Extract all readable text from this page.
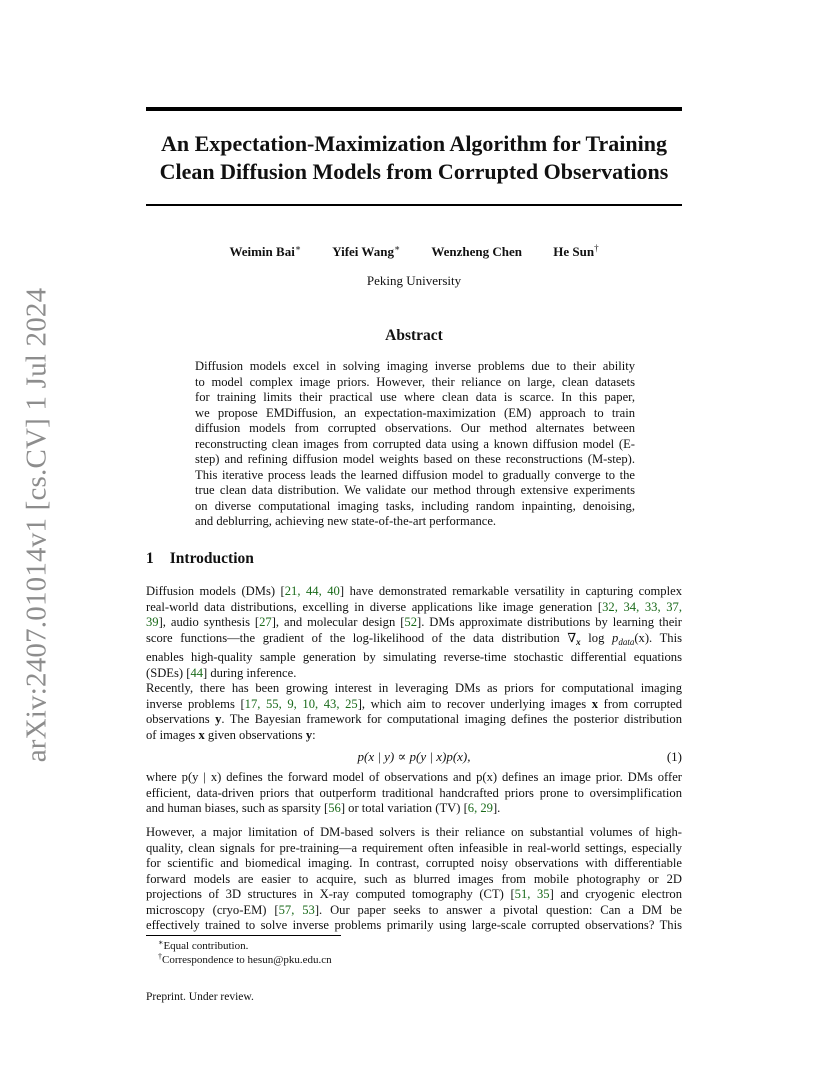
arXiv:2407.01014v1 [cs.CV] 1 Jul 2024
An Expectation-Maximization Algorithm for Training
Clean Diffusion Models from Corrupted Observations
Weimin Bai∗ Yifei Wang∗ Wenzheng Chen He Sun†
Peking University
Abstract
Diffusion models excel in solving imaging inverse problems due to their ability
to model complex image priors. However, their reliance on large, clean datasets
for training limits their practical use where clean data is scarce. In this paper,
we propose EMDiffusion, an expectation-maximization (EM) approach to train
diffusion models from corrupted observations. Our method alternates between
reconstructing clean images from corrupted data using a known diffusion model (E-
step) and refining diffusion model weights based on these reconstructions (M-step).
This iterative process leads the learned diffusion model to gradually converge to the
true clean data distribution. We validate our method through extensive experiments
on diverse computational imaging tasks, including random inpainting, denoising,
and deblurring, achieving new state-of-the-art performance.
1 Introduction
Diffusion models (DMs) [21, 44, 40] have demonstrated remarkable versatility in capturing complex
real-world data distributions, excelling in diverse applications like image generation [32, 34, 33, 37,
39], audio synthesis [27], and molecular design [52]. DMs approximate distributions by learning their
score functions—the gradient of the log-likelihood of the data distribution $\nabla_x$ $\log p_{data}(x)$. This
enables high-quality sample generation by simulating reverse-time stochastic differential equations
(SDEs) [44] during inference.
Recently, there has been growing interest in leveraging DMs as priors for computational imaging
inverse problems [17, 55, 9, 10, 43, 25], which aim to recover underlying images x from corrupted
observations y. The Bayesian framework for computational imaging defines the posterior distribution
of images x given observations y:
p(x | y) ∝ p(y | x)p(x),	(1)
where p(y | x) defines the forward model of observations and p(x) defines an image prior. DMs offer
efficient, data-driven priors that outperform traditional handcrafted priors prone to oversimplification
and human biases, such as sparsity [56] or total variation (TV) [6, 29].
However, a major limitation of DM-based solvers is their reliance on substantial volumes of high-
quality, clean signals for pre-training—a requirement often infeasible in real-world settings, especially
for scientific and biomedical imaging. In contrast, corrupted noisy observations with differentiable
forward models are easier to acquire, such as blurred images from mobile photography or 2D
projections of 3D structures in X-ray computed tomography (CT) [51, 35] and cryogenic electron
microscopy (cryo-EM) [57, 53]. Our paper seeks to answer a pivotal question: Can a DM be
effectively trained to solve inverse problems primarily using large-scale corrupted observations? This
∗Equal contribution.
†Correspondence to hesun@pku.edu.cn
Preprint. Under review.
